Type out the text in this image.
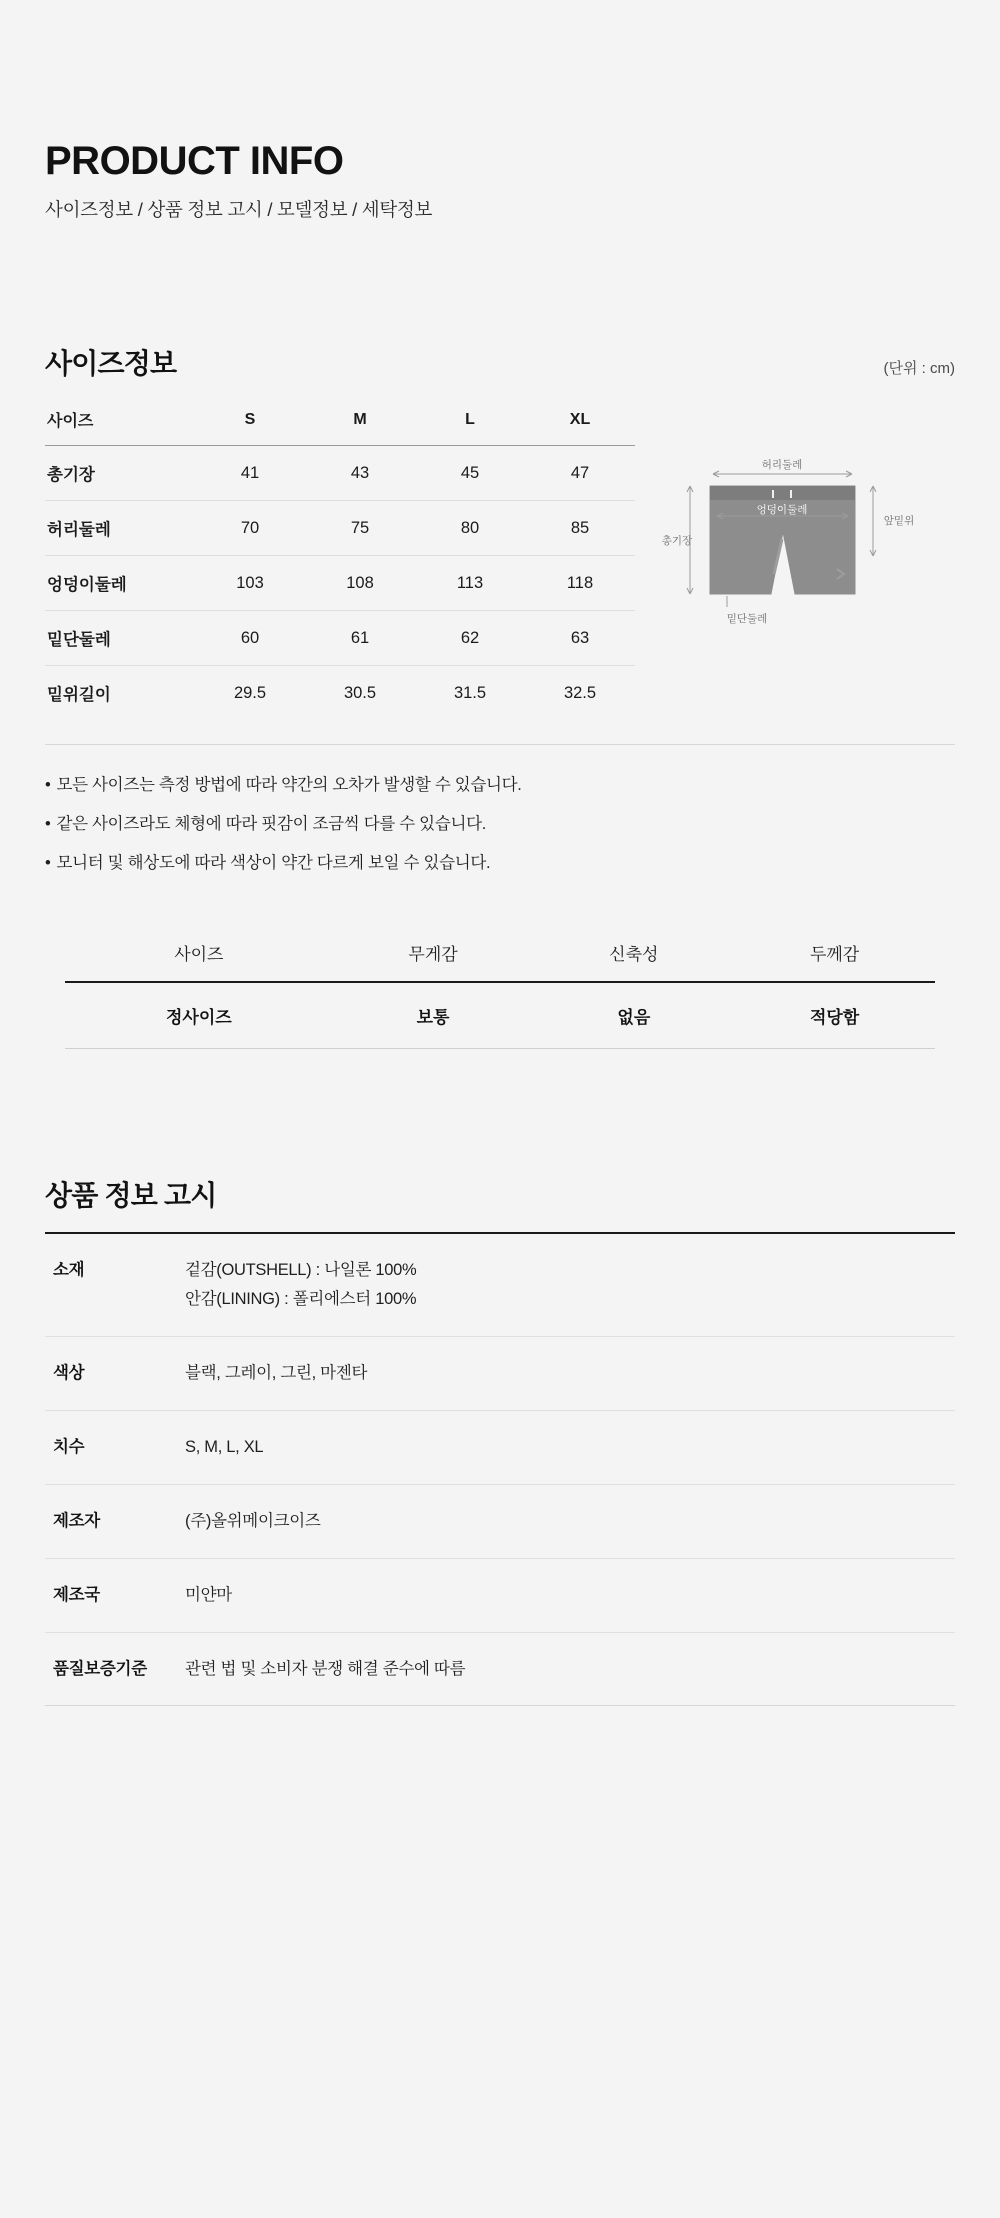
PRODUCT INFO
사이즈정보 / 상품 정보 고시 / 모델정보 / 세탁정보
사이즈정보	(단위 : cm)
사이즈	S	M	L	XL
총기장	41	43	45	47
허리둘레	70	75	80	85
엉덩이둘레	103	108	113	118
밑단둘레	60	61	62	63
밑위길이	29.5	30.5	31.5	32.5
허리둘레
엉덩이둘레
총기장
앞밑위
밑단둘레
• 모든 사이즈는 측정 방법에 따라 약간의 오차가 발생할 수 있습니다.
• 같은 사이즈라도 체형에 따라 핏감이 조금씩 다를 수 있습니다.
• 모니터 및 해상도에 따라 색상이 약간 다르게 보일 수 있습니다.
사이즈	무게감	신축성	두께감
정사이즈	보통	없음	적당함
상품 정보 고시
소재	겉감(OUTSHELL) : 나일론 100%
안감(LINING) : 폴리에스터 100%

색상	블랙, 그레이, 그린, 마젠타

치수	S, M, L, XL

제조자	(주)올위메이크이즈

제조국	미얀마

품질보증기준	관련 법 및 소비자 분쟁 해결 준수에 따름
